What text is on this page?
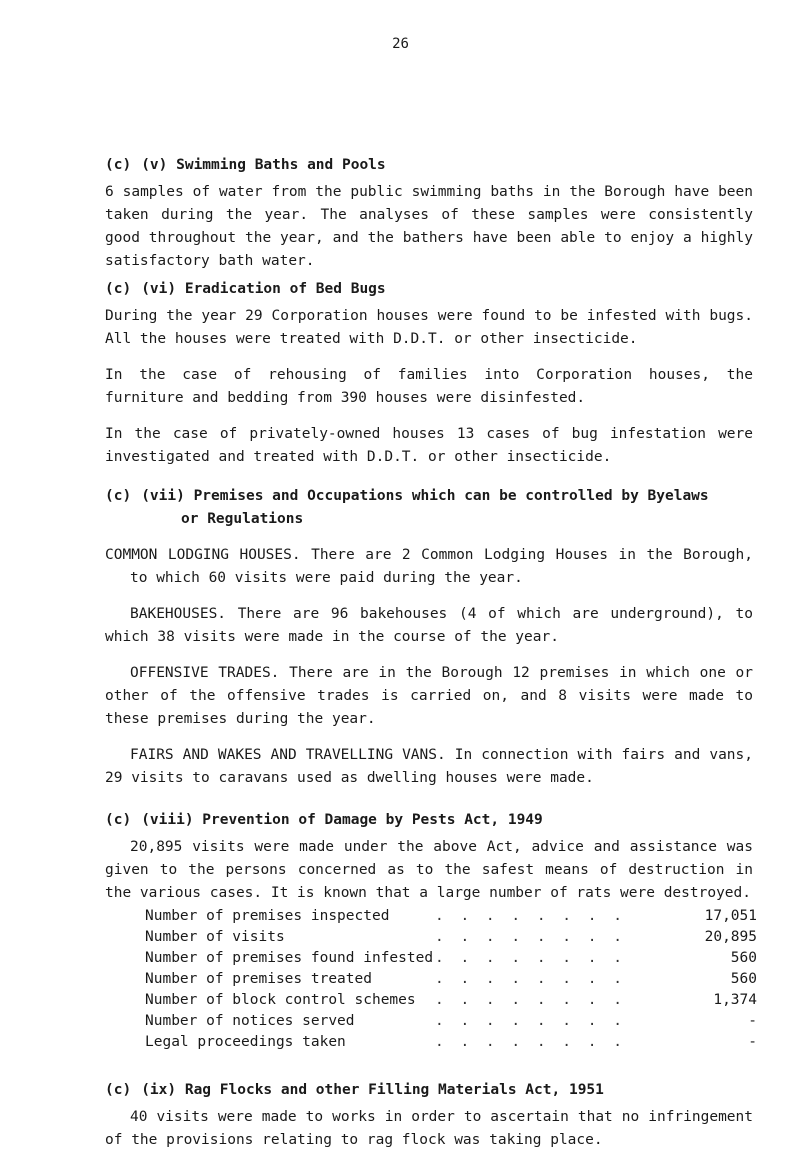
26
(c) (v) Swimming Baths and Pools
6 samples of water from the public swimming baths in the Borough have been taken during the year. The analyses of these samples were consistently good throughout the year, and the bathers have been able to enjoy a highly satisfactory bath water.
(c) (vi) Eradication of Bed Bugs
During the year 29 Corporation houses were found to be infested with bugs. All the houses were treated with D.D.T. or other insecticide.
In the case of rehousing of families into Corporation houses, the furniture and bedding from 390 houses were disinfested.
In the case of privately-owned houses 13 cases of bug infestation were investigated and treated with D.D.T. or other insecticide.
(c) (vii) Premises and Occupations which can be controlled by Byelaws
or Regulations
COMMON LODGING HOUSES. There are 2 Common Lodging Houses in the Borough, to which 60 visits were paid during the year.
BAKEHOUSES. There are 96 bakehouses (4 of which are underground), to which 38 visits were made in the course of the year.
OFFENSIVE TRADES. There are in the Borough 12 premises in which one or other of the offensive trades is carried on, and 8 visits were made to these premises during the year.
FAIRS AND WAKES AND TRAVELLING VANS. In connection with fairs and vans, 29 visits to caravans used as dwelling houses were made.
(c) (viii) Prevention of Damage by Pests Act, 1949
20,895 visits were made under the above Act, advice and assistance was given to the persons concerned as to the safest means of destruction in the various cases. It is known that a large number of rats were destroyed.
Number of premises inspected	. . . . . . . .	17,051
Number of visits	. . . . . . . .	20,895
Number of premises found infested . . . . . . . .	560
Number of premises treated	. . . . . . . .	560
Number of block control schemes . . . . . . . .	1,374
Number of notices served	. . . . . . . .	-
Legal proceedings taken	. . . . . . . .	-
(c) (ix) Rag Flocks and other Filling Materials Act, 1951
40 visits were made to works in order to ascertain that no infringement of the provisions relating to rag flock was taking place.
